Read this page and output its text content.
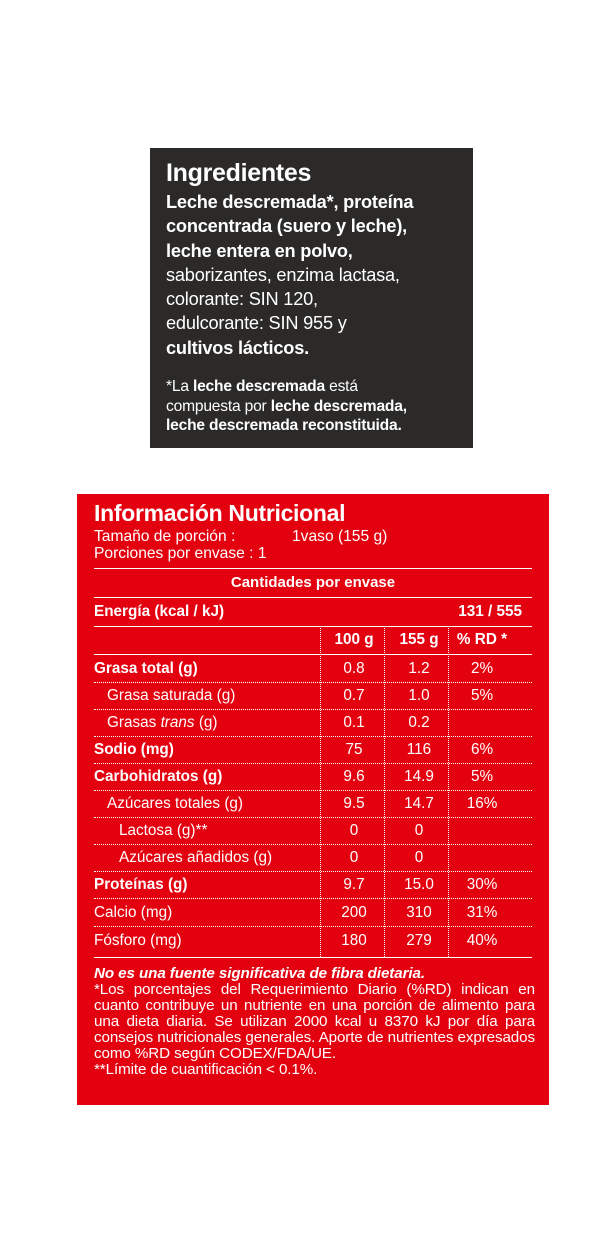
Ingredientes
Leche descremada*, proteína
concentrada (suero y leche),
leche entera en polvo,
saborizantes, enzima lactasa,
colorante: SIN 120,
edulcorante: SIN 955 y
cultivos lácticos.
*La leche descremada está
compuesta por leche descremada,
leche descremada reconstituida.
Información Nutricional
Tamaño de porción :	1vaso (155 g)
Porciones por envase : 1
Cantidades por envase
Energía (kcal / kJ)	131 / 555
100 g	155 g	% RD *
Grasa total (g)	0.8	1.2	2%
Grasa saturada (g)	0.7	1.0	5%
Grasas trans (g)	0.1	0.2
Sodio (mg)	75	116	6%
Carbohidratos (g)	9.6	14.9	5%
Azúcares totales (g)	9.5	14.7	16%
Lactosa (g)**	0	0
Azúcares añadidos (g)	0	0
Proteínas (g)	9.7	15.0	30%
Calcio (mg)	200	310	31%
Fósforo (mg)	180	279	40%
No es una fuente significativa de fibra dietaria.
*Los porcentajes del Requerimiento Diario (%RD) indican en cuanto contribuye un nutriente en una porción de alimento para una dieta diaria. Se utilizan 2000 kcal u 8370 kJ por día para consejos nutricionales generales. Aporte de nutrientes expresados como %RD según CODEX/FDA/UE.
**Límite de cuantificación < 0.1%.
